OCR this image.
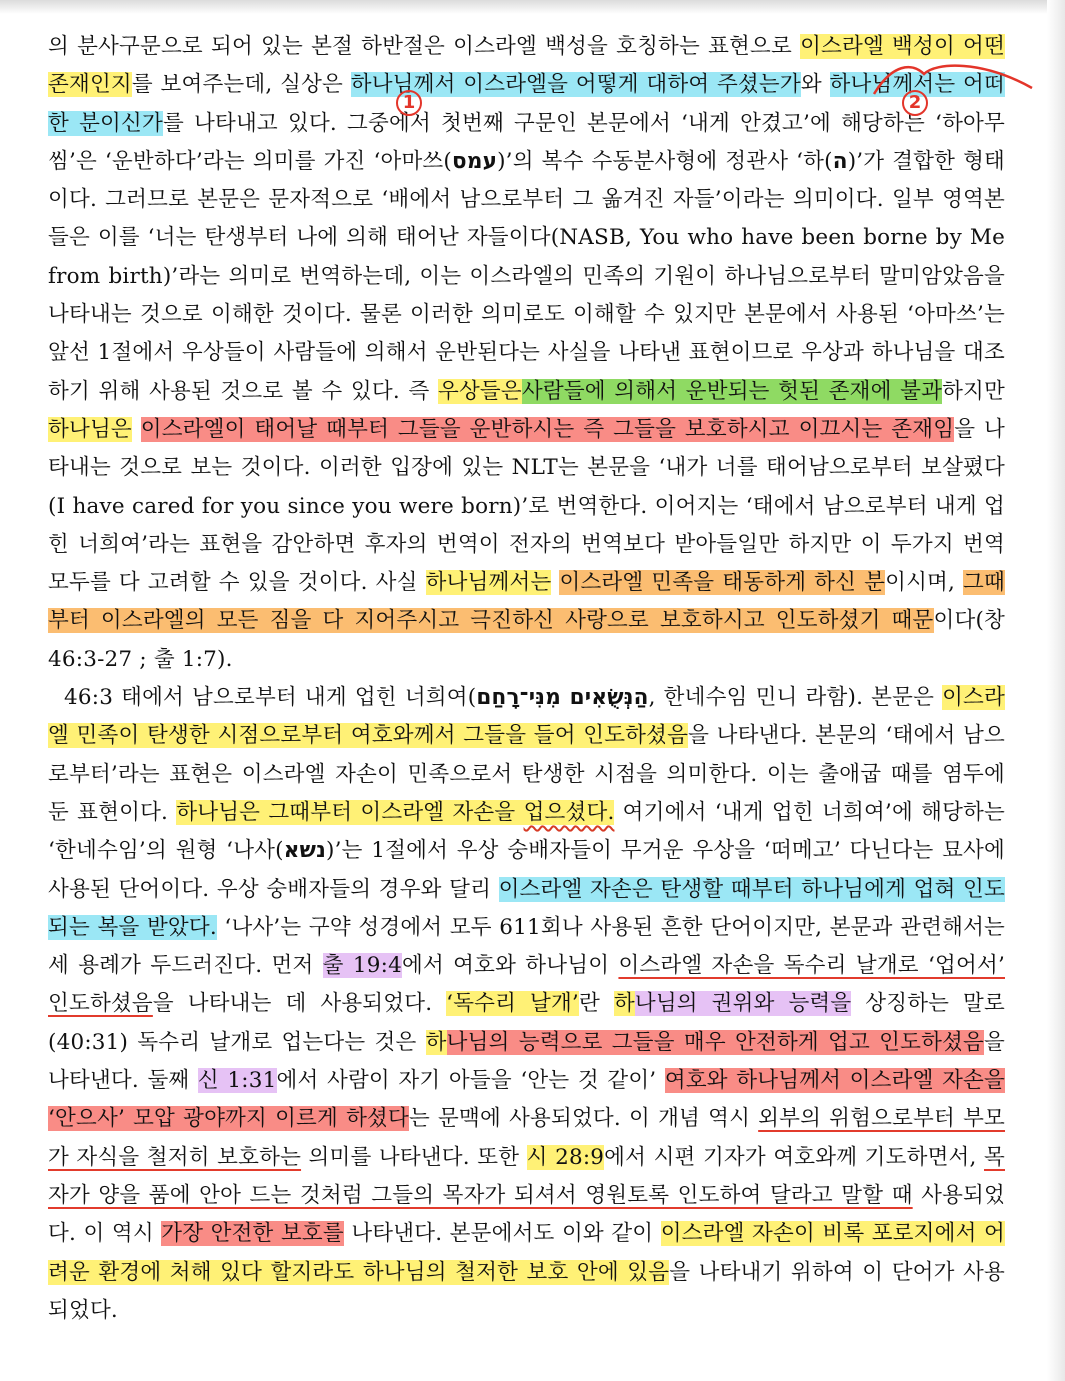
의 분사구문으로 되어 있는 본절 하반절은 이스라엘 백성을 호칭하는 표현으로 이스라엘 백성이 어떤 존재인지를 보여주는데, 실상은 하나님께서 이스라엘을 어떻게 대하여 주셨는가와 하나님께서는 어떠한 분이신가를 나타내고 있다. 그중에서 첫번째 구문인 본문에서 ‘내게 안겼고’에 해당하는 ‘하아무씸’은 ‘운반하다’라는 의미를 가진 ‘아마쓰(עמס)’의 복수 수동분사형에 정관사 ‘하(ה)’가 결합한 형태이다. 그러므로 본문은 문자적으로 ‘배에서 남으로부터 그 옮겨진 자들’이라는 의미이다. 일부 영역본들은 이를 ‘너는 탄생부터 나에 의해 태어난 자들이다(NASB, You who have been borne by Me from birth)’라는 의미로 번역하는데, 이는 이스라엘의 민족의 기원이 하나님으로부터 말미암았음을 나타내는 것으로 이해한 것이다. 물론 이러한 의미로도 이해할 수 있지만 본문에서 사용된 ‘아마쓰’는 앞선 1절에서 우상들이 사람들에 의해서 운반된다는 사실을 나타낸 표현이므로 우상과 하나님을 대조하기 위해 사용된 것으로 볼 수 있다. 즉 우상들은사람들에 의해서 운반되는 헛된 존재에 불과하지만 하나님은 이스라엘이 태어날 때부터 그들을 운반하시는 즉 그들을 보호하시고 이끄시는 존재임을 나타내는 것으로 보는 것이다. 이러한 입장에 있는 NLT는 본문을 ‘내가 너를 태어남으로부터 보살폈다(I have cared for you since you were born)’로 번역한다. 이어지는 ‘태에서 남으로부터 내게 업힌 너희여’라는 표현을 감안하면 후자의 번역이 전자의 번역보다 받아들일만 하지만 이 두가지 번역 모두를 다 고려할 수 있을 것이다. 사실 하나님께서는 이스라엘 민족을 태동하게 하신 분이시며, 그때부터 이스라엘의 모든 짐을 다 지어주시고 극진하신 사랑으로 보호하시고 인도하셨기 때문이다(창 46:3-27 ; 출 1:7).

46:3 태에서 남으로부터 내게 업힌 너희여(הַנְּשֻׂאִים מִנִּי־רָחַם, 한네수임 민니 라함). 본문은 이스라엘 민족이 탄생한 시점으로부터 여호와께서 그들을 들어 인도하셨음을 나타낸다. 본문의 ‘태에서 남으로부터’라는 표현은 이스라엘 자손이 민족으로서 탄생한 시점을 의미한다. 이는 출애굽 때를 염두에 둔 표현이다. 하나님은 그때부터 이스라엘 자손을 업으셨다. 여기에서 ‘내게 업힌 너희여’에 해당하는 ‘한네수임’의 원형 ‘나사(נשא)’는 1절에서 우상 숭배자들이 무거운 우상을 ‘떠메고’ 다닌다는 묘사에 사용된 단어이다. 우상 숭배자들의 경우와 달리 이스라엘 자손은 탄생할 때부터 하나님에게 업혀 인도되는 복을 받았다. ‘나사’는 구약 성경에서 모두 611회나 사용된 흔한 단어이지만, 본문과 관련해서는 세 용례가 두드러진다. 먼저 출 19:4에서 여호와 하나님이 이스라엘 자손을 독수리 날개로 ‘업어서’ 인도하셨음을 나타내는 데 사용되었다. ‘독수리 날개’란 하나님의 권위와 능력을 상징하는 말로(40:31) 독수리 날개로 업는다는 것은 하나님의 능력으로 그들을 매우 안전하게 업고 인도하셨음을 나타낸다. 둘째 신 1:31에서 사람이 자기 아들을 ‘안는 것 같이’ 여호와 하나님께서 이스라엘 자손을 ‘안으사’ 모압 광야까지 이르게 하셨다는 문맥에 사용되었다. 이 개념 역시 외부의 위험으로부터 부모가 자식을 철저히 보호하는 의미를 나타낸다. 또한 시 28:9에서 시편 기자가 여호와께 기도하면서, 목자가 양을 품에 안아 드는 것처럼 그들의 목자가 되셔서 영원토록 인도하여 달라고 말할 때 사용되었다. 이 역시 가장 안전한 보호를 나타낸다. 본문에서도 이와 같이 이스라엘 자손이 비록 포로지에서 어려운 환경에 처해 있다 할지라도 하나님의 철저한 보호 안에 있음을 나타내기 위하여 이 단어가 사용되었다.

1	2
